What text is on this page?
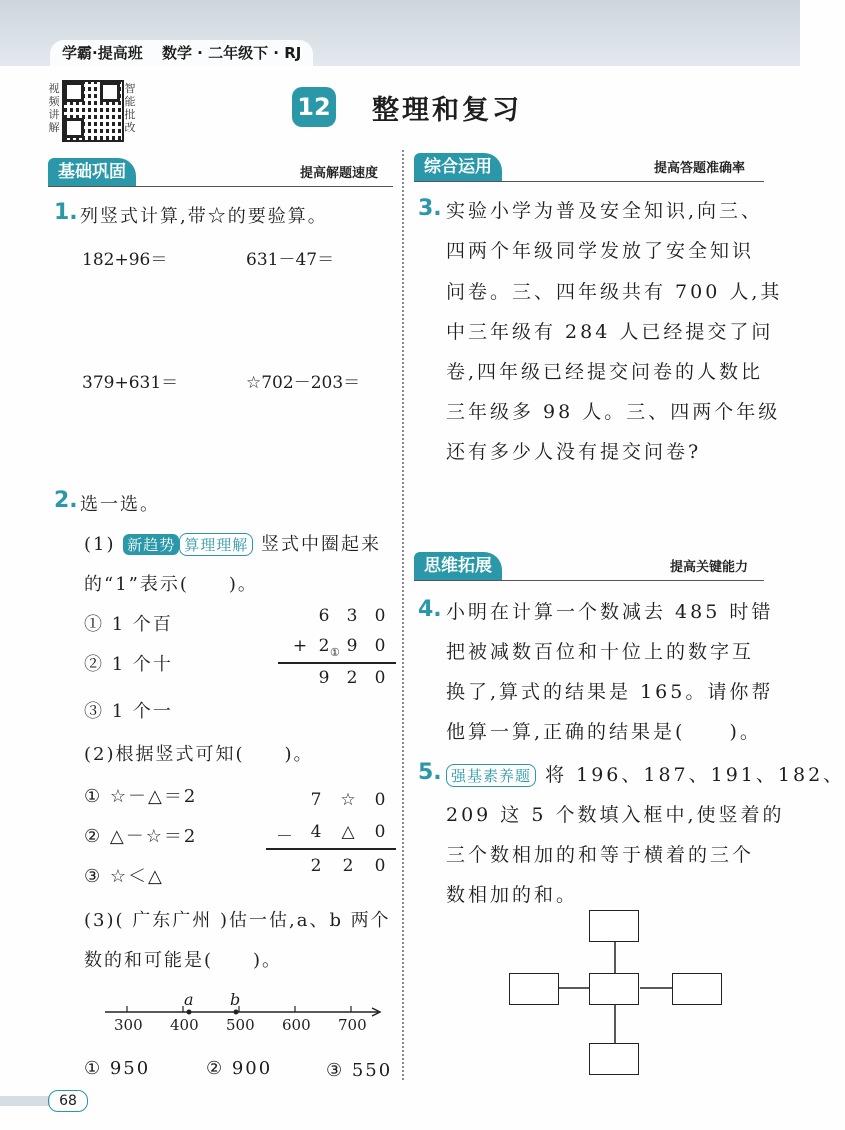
学霸·提高班 数学 · 二年级下 · RJ
视频讲解
智能批改
12 整理和复习
基础巩固	提高解题速度	综合运用	提高答题准确率
思维拓展	提高关键能力
1. 列竖式计算,带☆的要验算。
182+96＝	631－47＝
379+631＝	☆702－203＝
2. 选一选。
(1) 新趋势 算理理解 竖式中圈起来
的“1”表示(　　)。
① 1 个百
② 1 个十
③ 1 个一
6 3 0
+ 2 ① 9 0
9 2 0
(2)根据竖式可知(　　)。
① ☆－△＝2
② △－☆＝2
③ ☆＜△
7 ☆ 0
－ 4 △ 0
2 2 0
(3)( 广东广州 )估一估,a、b 两个
数的和可能是(　　)。
a b
300 400 500 600 700
① 950	② 900	③ 550
3. 实验小学为普及安全知识,向三、
四两个年级同学发放了安全知识
问卷。三、四年级共有 700 人,其
中三年级有 284 人已经提交了问
卷,四年级已经提交问卷的人数比
三年级多 98 人。三、四两个年级
还有多少人没有提交问卷?
4. 小明在计算一个数减去 485 时错
把被减数百位和十位上的数字互
换了,算式的结果是 165。请你帮
他算一算,正确的结果是(　　)。
5. 强基素养题 将 196、187、191、182、
209 这 5 个数填入框中,使竖着的
三个数相加的和等于横着的三个
数相加的和。
68
